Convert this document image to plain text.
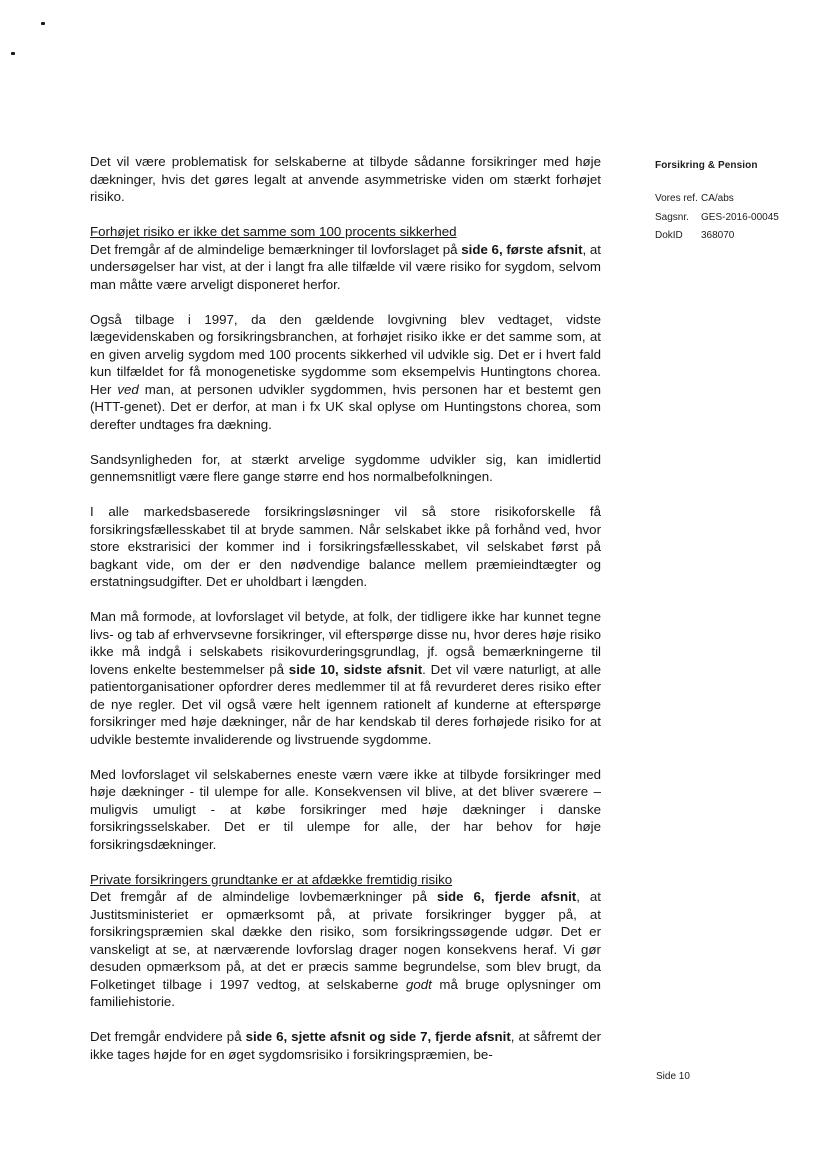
Det vil være problematisk for selskaberne at tilbyde sådanne forsikringer med høje dækninger, hvis det gøres legalt at anvende asymmetriske viden om stærkt forhøjet risiko.
Forhøjet risiko er ikke det samme som 100 procents sikkerhed
Det fremgår af de almindelige bemærkninger til lovforslaget på side 6, første afsnit, at undersøgelser har vist, at der i langt fra alle tilfælde vil være risiko for sygdom, selvom man måtte være arveligt disponeret herfor.
Også tilbage i 1997, da den gældende lovgivning blev vedtaget, vidste lægevidenskaben og forsikringsbranchen, at forhøjet risiko ikke er det samme som, at en given arvelig sygdom med 100 procents sikkerhed vil udvikle sig. Det er i hvert fald kun tilfældet for få monogenetiske sygdomme som eksempelvis Huntingtons chorea. Her ved man, at personen udvikler sygdommen, hvis personen har et bestemt gen (HTT-genet). Det er derfor, at man i fx UK skal oplyse om Huntingstons chorea, som derefter undtages fra dækning.
Sandsynligheden for, at stærkt arvelige sygdomme udvikler sig, kan imidlertid gennemsnitligt være flere gange større end hos normalbefolkningen.
I alle markedsbaserede forsikringsløsninger vil så store risikoforskelle få forsikringsfællesskabet til at bryde sammen. Når selskabet ikke på forhånd ved, hvor store ekstrarisici der kommer ind i forsikringsfællesskabet, vil selskabet først på bagkant vide, om der er den nødvendige balance mellem præmieindtægter og erstatningsudgifter. Det er uholdbart i længden.
Man må formode, at lovforslaget vil betyde, at folk, der tidligere ikke har kunnet tegne livs- og tab af erhvervsevne forsikringer, vil efterspørge disse nu, hvor deres høje risiko ikke må indgå i selskabets risikovurderingsgrundlag, jf. også bemærkningerne til lovens enkelte bestemmelser på side 10, sidste afsnit. Det vil være naturligt, at alle patientorganisationer opfordrer deres medlemmer til at få revurderet deres risiko efter de nye regler. Det vil også være helt igennem rationelt af kunderne at efterspørge forsikringer med høje dækninger, når de har kendskab til deres forhøjede risiko for at udvikle bestemte invaliderende og livstruende sygdomme.
Med lovforslaget vil selskabernes eneste værn være ikke at tilbyde forsikringer med høje dækninger - til ulempe for alle. Konsekvensen vil blive, at det bliver sværere – muligvis umuligt - at købe forsikringer med høje dækninger i danske forsikringsselskaber. Det er til ulempe for alle, der har behov for høje forsikringsdækninger.
Private forsikringers grundtanke er at afdække fremtidig risiko
Det fremgår af de almindelige lovbemærkninger på side 6, fjerde afsnit, at Justitsministeriet er opmærksomt på, at private forsikringer bygger på, at forsikringspræmien skal dække den risiko, som forsikringssøgende udgør. Det er vanskeligt at se, at nærværende lovforslag drager nogen konsekvens heraf. Vi gør desuden opmærksom på, at det er præcis samme begrundelse, som blev brugt, da Folketinget tilbage i 1997 vedtog, at selskaberne godt må bruge oplysninger om familiehistorie.
Det fremgår endvidere på side 6, sjette afsnit og side 7, fjerde afsnit, at såfremt der ikke tages højde for en øget sygdomsrisiko i forsikringspræmien, be-
Forsikring & Pension
Vores ref. CA/abs
Sagsnr.	GES-2016-00045
DokID	368070
Side 10
